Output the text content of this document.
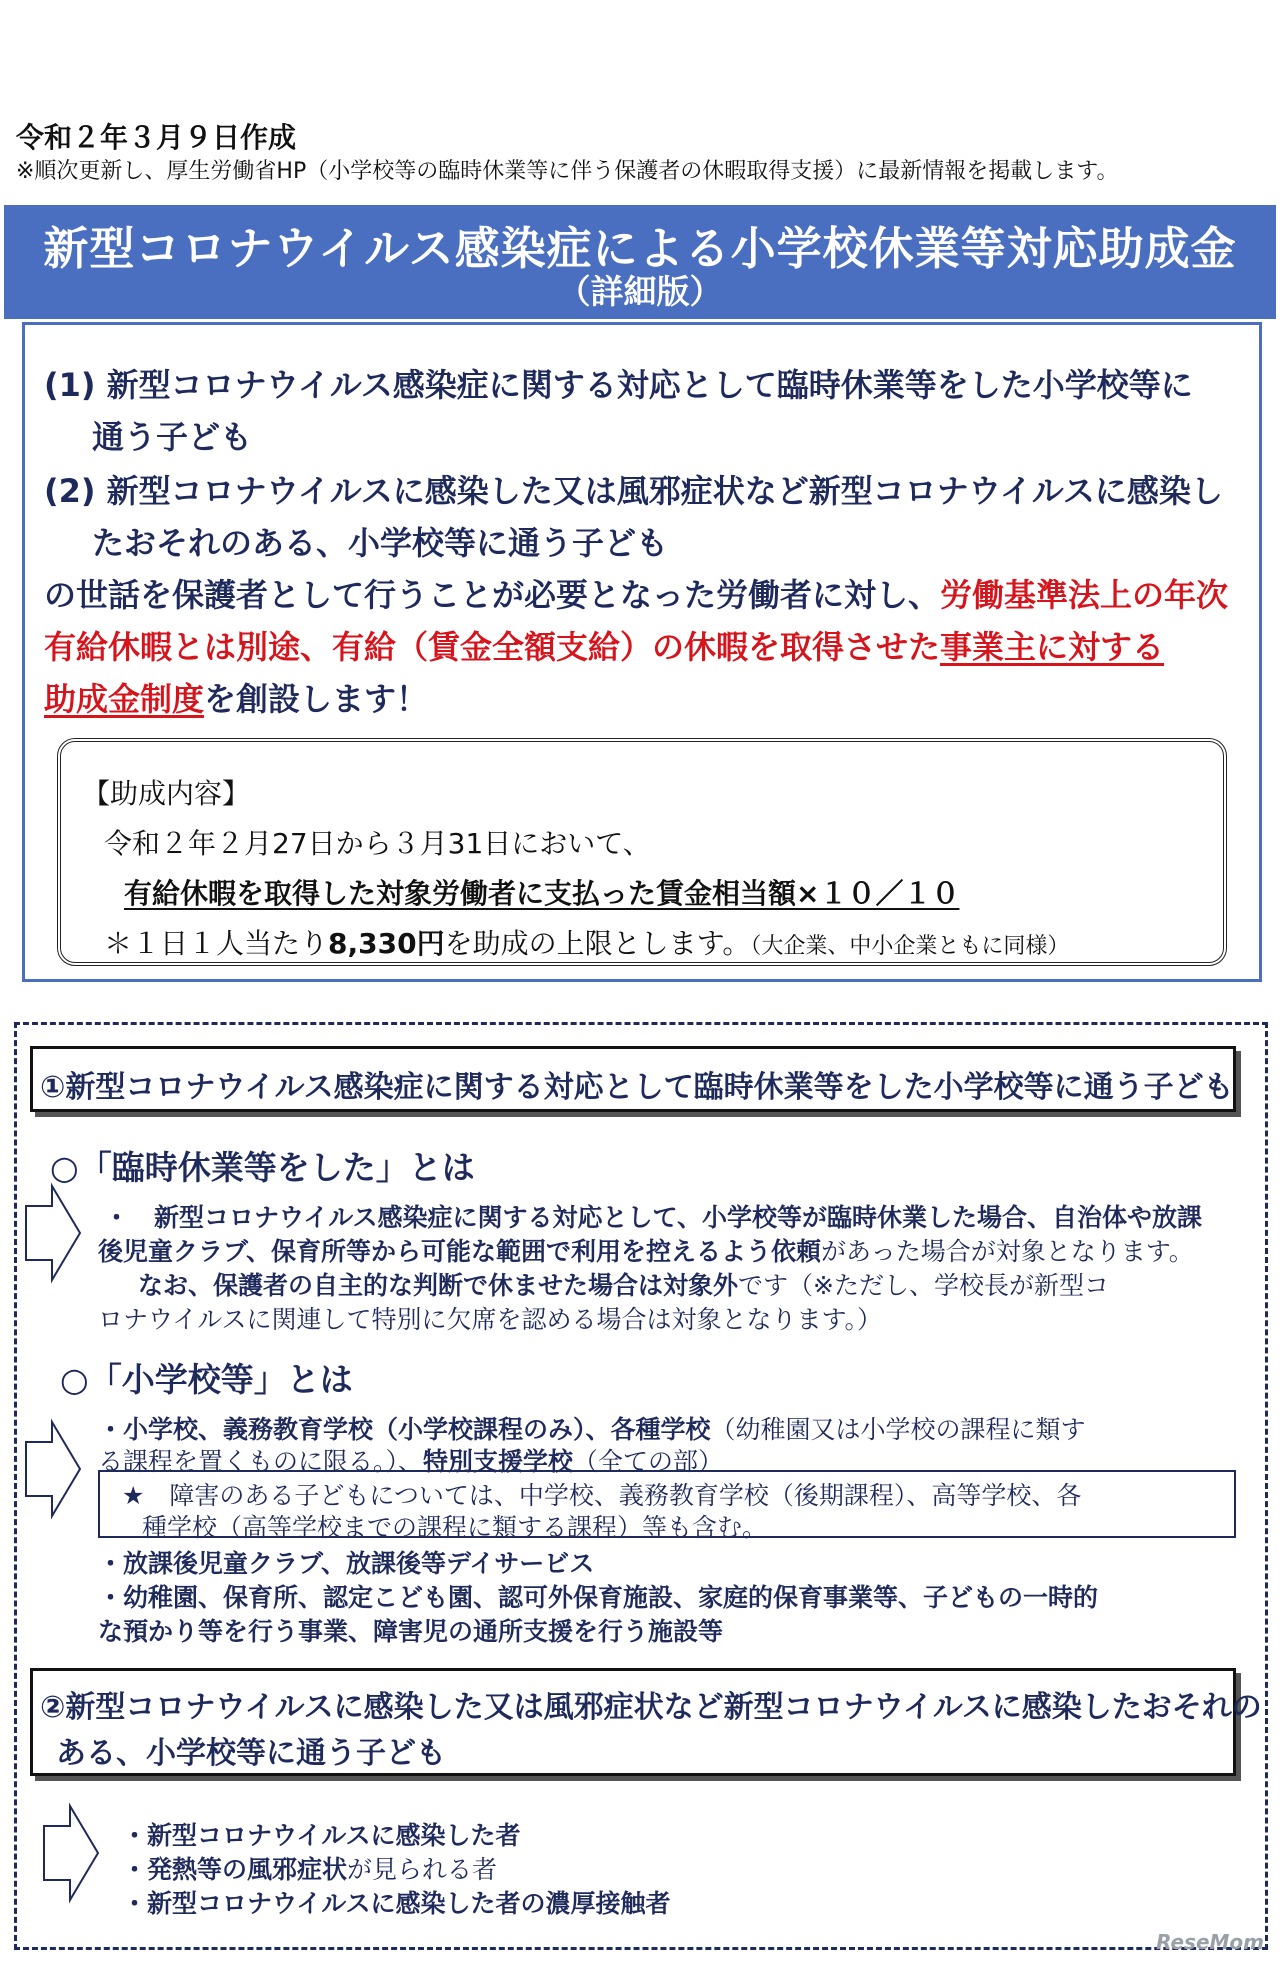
令和２年３月９日作成
※順次更新し、厚生労働省HP（小学校等の臨時休業等に伴う保護者の休暇取得支援）に最新情報を掲載します。
新型コロナウイルス感染症による小学校休業等対応助成金
（詳細版）
(1) 新型コロナウイルス感染症に関する対応として臨時休業等をした小学校等に
通う子ども
(2) 新型コロナウイルスに感染した又は風邪症状など新型コロナウイルスに感染し
たおそれのある、小学校等に通う子ども
の世話を保護者として行うことが必要となった労働者に対し、労働基準法上の年次
有給休暇とは別途、有給（賃金全額支給）の休暇を取得させた事業主に対する
助成金制度を創設します！
【助成内容】
令和２年２月27日から３月31日において、
有給休暇を取得した対象労働者に支払った賃金相当額×１０／１０
＊１日１人当たり8,330円を助成の上限とします。（大企業、中小企業ともに同様）
①新型コロナウイルス感染症に関する対応として臨時休業等をした小学校等に通う子ども
○「臨時休業等をした」とは
・　新型コロナウイルス感染症に関する対応として、小学校等が臨時休業した場合、自治体や放課
後児童クラブ、保育所等から可能な範囲で利用を控えるよう依頼があった場合が対象となります。
なお、保護者の自主的な判断で休ませた場合は対象外です（※ただし、学校長が新型コ
ロナウイルスに関連して特別に欠席を認める場合は対象となります。）
○「小学校等」とは
・小学校、義務教育学校（小学校課程のみ）、各種学校（幼稚園又は小学校の課程に類す
る課程を置くものに限る。）、特別支援学校（全ての部）
★　障害のある子どもについては、中学校、義務教育学校（後期課程）、高等学校、各
種学校（高等学校までの課程に類する課程）等も含む。
・放課後児童クラブ、放課後等デイサービス
・幼稚園、保育所、認定こども園、認可外保育施設、家庭的保育事業等、子どもの一時的
な預かり等を行う事業、障害児の通所支援を行う施設等
②新型コロナウイルスに感染した又は風邪症状など新型コロナウイルスに感染したおそれの
ある、小学校等に通う子ども
・新型コロナウイルスに感染した者
・発熱等の風邪症状が見られる者
・新型コロナウイルスに感染した者の濃厚接触者
ReseMom
